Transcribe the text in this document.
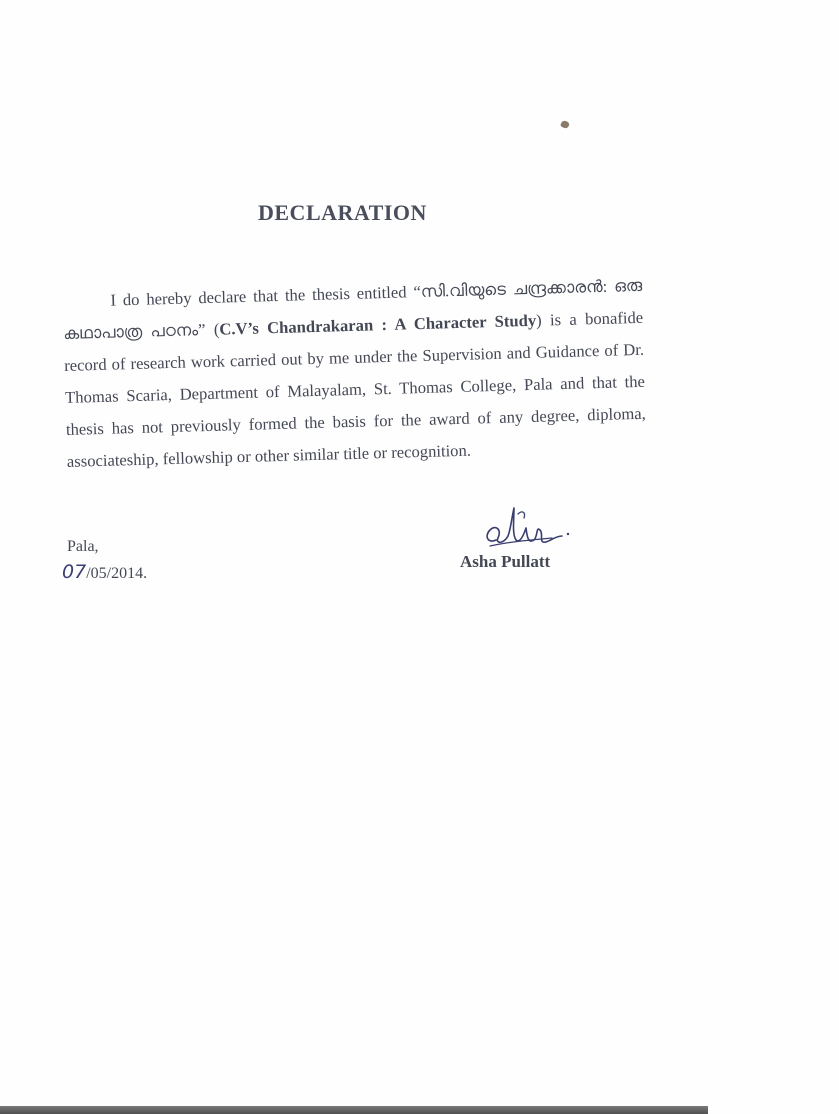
DECLARATION
I do hereby declare that the thesis entitled “സി.വിയുടെ ചന്ദ്രക്കാരൻ: ഒരു കഥാപാത്ര പഠനം” (C.V’s Chandrakaran : A Character Study) is a bonafide record of research work carried out by me under the Supervision and Guidance of Dr. Thomas Scaria, Department of Malayalam, St. Thomas College, Pala and that the thesis has not previously formed the basis for the award of any degree, diploma, associateship, fellowship or other similar title or recognition.
Pala,
07/05/2014.
Asha Pullatt
